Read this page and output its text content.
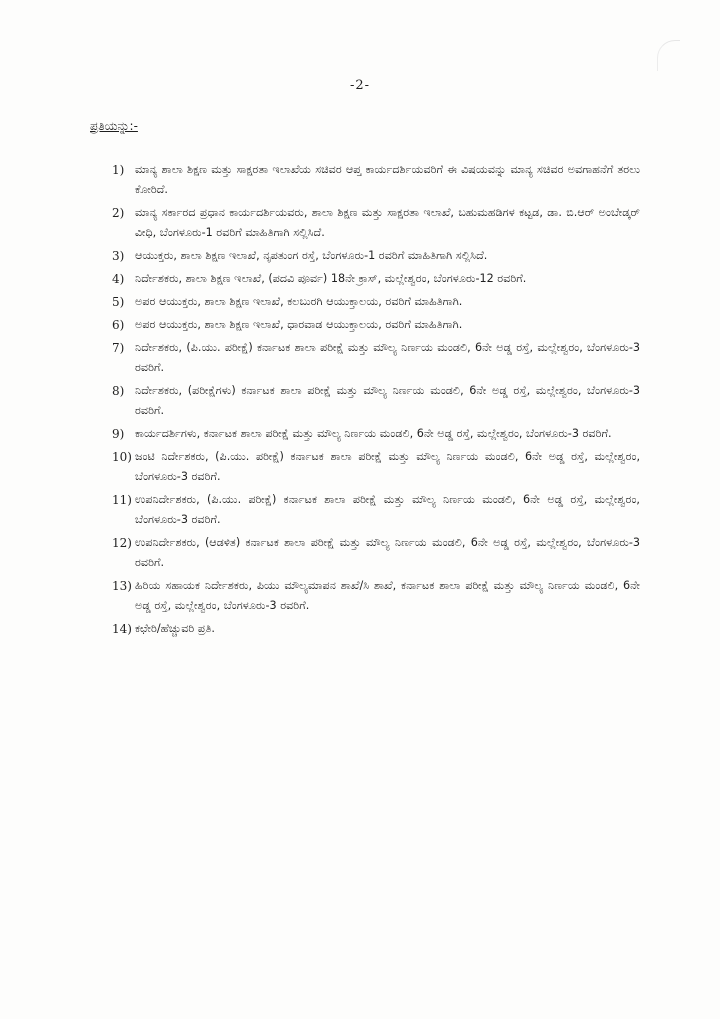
-2-
ಪ್ರತಿಯನ್ನು:-
1) ಮಾನ್ಯ ಶಾಲಾ ಶಿಕ್ಷಣ ಮತ್ತು ಸಾಕ್ಷರತಾ ಇಲಾಖೆಯ ಸಚಿವರ ಆಪ್ತ ಕಾರ್ಯದರ್ಶಿಯವರಿಗೆ ಈ ವಿಷಯವನ್ನು ಮಾನ್ಯ ಸಚಿವರ ಅವಗಾಹನೆಗೆ ತರಲು ಕೋರಿದೆ.
2) ಮಾನ್ಯ ಸರ್ಕಾರದ ಪ್ರಧಾನ ಕಾರ್ಯದರ್ಶಿಯವರು, ಶಾಲಾ ಶಿಕ್ಷಣ ಮತ್ತು ಸಾಕ್ಷರತಾ ಇಲಾಖೆ, ಬಹುಮಹಡಿಗಳ ಕಟ್ಟಡ, ಡಾ. ಬಿ.ಆರ್ ಅಂಬೇಡ್ಕರ್ ವೀಧಿ, ಬೆಂಗಳೂರು-1 ರವರಿಗೆ ಮಾಹಿತಿಗಾಗಿ ಸಲ್ಲಿಸಿದೆ.
3) ಆಯುಕ್ತರು, ಶಾಲಾ ಶಿಕ್ಷಣ ಇಲಾಖೆ, ನೃಪತುಂಗ ರಸ್ತೆ, ಬೆಂಗಳೂರು-1 ರವರಿಗೆ ಮಾಹಿತಿಗಾಗಿ ಸಲ್ಲಿಸಿದೆ.
4) ನಿರ್ದೇಶಕರು, ಶಾಲಾ ಶಿಕ್ಷಣ ಇಲಾಖೆ, (ಪದವಿ ಪೂರ್ವ) 18ನೇ ಕ್ರಾಸ್, ಮಲ್ಲೇಶ್ವರಂ, ಬೆಂಗಳೂರು-12 ರವರಿಗೆ.
5) ಅಪರ ಆಯುಕ್ತರು, ಶಾಲಾ ಶಿಕ್ಷಣ ಇಲಾಖೆ, ಕಲಬುರಗಿ ಆಯುಕ್ತಾಲಯ, ರವರಿಗೆ ಮಾಹಿತಿಗಾಗಿ.
6) ಅಪರ ಆಯುಕ್ತರು, ಶಾಲಾ ಶಿಕ್ಷಣ ಇಲಾಖೆ, ಧಾರವಾಡ ಆಯುಕ್ತಾಲಯ, ರವರಿಗೆ ಮಾಹಿತಿಗಾಗಿ.
7) ನಿರ್ದೇಶಕರು, (ಪಿ.ಯು. ಪರೀಕ್ಷೆ) ಕರ್ನಾಟಕ ಶಾಲಾ ಪರೀಕ್ಷೆ ಮತ್ತು ಮೌಲ್ಯ ನಿರ್ಣಯ ಮಂಡಲಿ, 6ನೇ ಅಡ್ಡ ರಸ್ತೆ, ಮಲ್ಲೇಶ್ವರಂ, ಬೆಂಗಳೂರು-3 ರವರಿಗೆ.
8) ನಿರ್ದೇಶಕರು, (ಪರೀಕ್ಷೆಗಳು) ಕರ್ನಾಟಕ ಶಾಲಾ ಪರೀಕ್ಷೆ ಮತ್ತು ಮೌಲ್ಯ ನಿರ್ಣಯ ಮಂಡಲಿ, 6ನೇ ಅಡ್ಡ ರಸ್ತೆ, ಮಲ್ಲೇಶ್ವರಂ, ಬೆಂಗಳೂರು-3 ರವರಿಗೆ.
9) ಕಾರ್ಯದರ್ಶಿಗಳು, ಕರ್ನಾಟಕ ಶಾಲಾ ಪರೀಕ್ಷೆ ಮತ್ತು ಮೌಲ್ಯ ನಿರ್ಣಯ ಮಂಡಲಿ, 6ನೇ ಅಡ್ಡ ರಸ್ತೆ, ಮಲ್ಲೇಶ್ವರಂ, ಬೆಂಗಳೂರು-3 ರವರಿಗೆ.
10) ಜಂಟಿ ನಿರ್ದೇಶಕರು, (ಪಿ.ಯು. ಪರೀಕ್ಷೆ) ಕರ್ನಾಟಕ ಶಾಲಾ ಪರೀಕ್ಷೆ ಮತ್ತು ಮೌಲ್ಯ ನಿರ್ಣಯ ಮಂಡಲಿ, 6ನೇ ಅಡ್ಡ ರಸ್ತೆ, ಮಲ್ಲೇಶ್ವರಂ, ಬೆಂಗಳೂರು-3 ರವರಿಗೆ.
11) ಉಪನಿರ್ದೇಶಕರು, (ಪಿ.ಯು. ಪರೀಕ್ಷೆ) ಕರ್ನಾಟಕ ಶಾಲಾ ಪರೀಕ್ಷೆ ಮತ್ತು ಮೌಲ್ಯ ನಿರ್ಣಯ ಮಂಡಲಿ, 6ನೇ ಅಡ್ಡ ರಸ್ತೆ, ಮಲ್ಲೇಶ್ವರಂ, ಬೆಂಗಳೂರು-3 ರವರಿಗೆ.
12) ಉಪನಿರ್ದೇಶಕರು, (ಆಡಳಿತ) ಕರ್ನಾಟಕ ಶಾಲಾ ಪರೀಕ್ಷೆ ಮತ್ತು ಮೌಲ್ಯ ನಿರ್ಣಯ ಮಂಡಲಿ, 6ನೇ ಅಡ್ಡ ರಸ್ತೆ, ಮಲ್ಲೇಶ್ವರಂ, ಬೆಂಗಳೂರು-3 ರವರಿಗೆ.
13) ಹಿರಿಯ ಸಹಾಯಕ ನಿರ್ದೇಶಕರು, ಪಿಯು ಮೌಲ್ಯಮಾಪನ ಶಾಖೆ/ಸಿ ಶಾಖೆ, ಕರ್ನಾಟಕ ಶಾಲಾ ಪರೀಕ್ಷೆ ಮತ್ತು ಮೌಲ್ಯ ನಿರ್ಣಯ ಮಂಡಲಿ, 6ನೇ ಅಡ್ಡ ರಸ್ತೆ, ಮಲ್ಲೇಶ್ವರಂ, ಬೆಂಗಳೂರು-3 ರವರಿಗೆ.
14) ಕಛೇರಿ/ಹೆಚ್ಚುವರಿ ಪ್ರತಿ.
